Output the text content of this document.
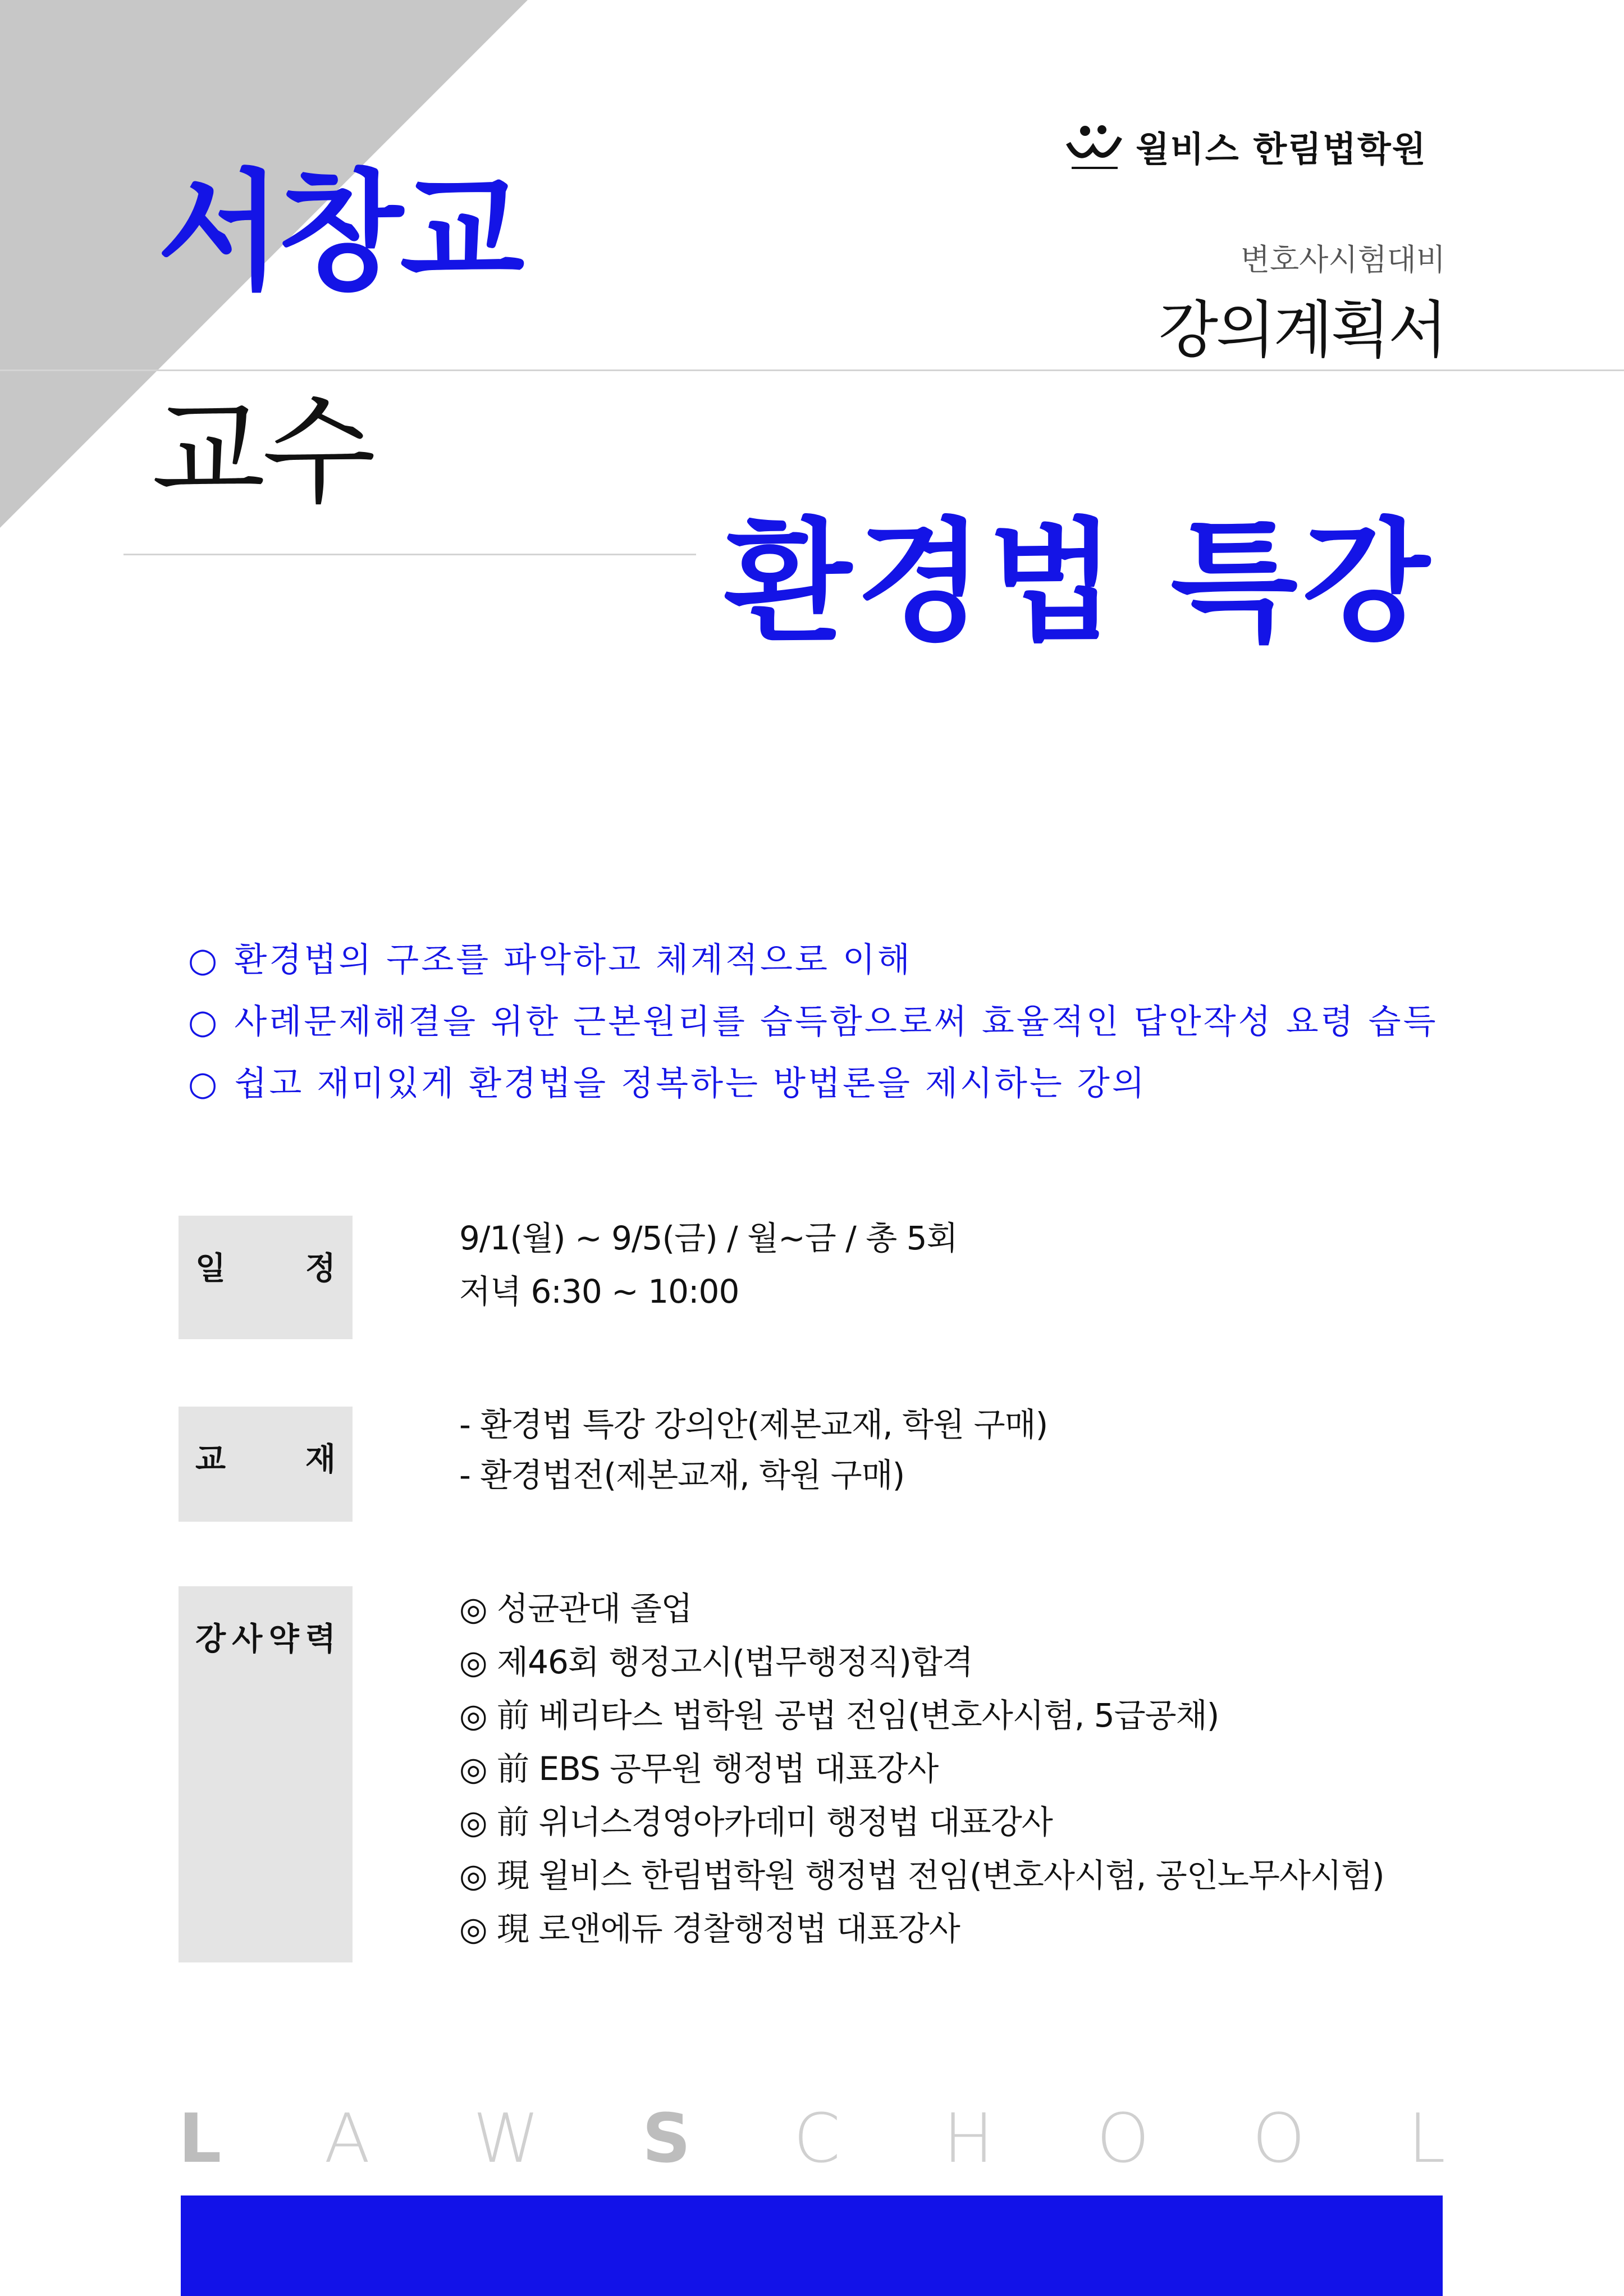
윌비스 한림법학원
서창교
교수
변호사시험대비
강의계획서
환경법 특강
○ 환경법의 구조를 파악하고 체계적으로 이해
○ 사례문제해결을 위한 근본원리를 습득함으로써 효율적인 답안작성 요령 습득
○ 쉽고 재미있게 환경법을 정복하는 방법론을 제시하는 강의
일	정
9/1(월) ~ 9/5(금) / 월~금 / 총 5회
저녁 6:30 ~ 10:00
교	재
- 환경법 특강 강의안(제본교재, 학원 구매)
- 환경법전(제본교재, 학원 구매)
강 사 약 력
◎ 성균관대 졸업
◎ 제46회 행정고시(법무행정직)합격
◎ 前 베리타스 법학원 공법 전임(변호사시험, 5급공채)
◎ 前 EBS 공무원 행정법 대표강사
◎ 前 위너스경영아카데미 행정법 대표강사
◎ 現 윌비스 한림법학원 행정법 전임(변호사시험, 공인노무사시험)
◎ 現 로앤에듀 경찰행정법 대표강사
L A W S C H O O L
